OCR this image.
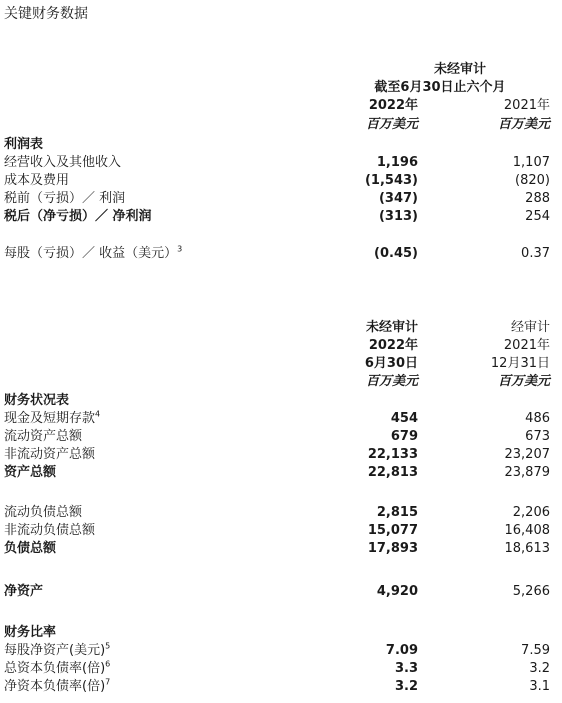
关键财务数据
未经审计
截至6月30日止六个月
2022年	2021年
百万美元	百万美元
利润表
经营收入及其他收入	1,196	1,107
成本及费用	(1,543)	(820)
税前（亏损）／ 利润	(347)	288
税后（净亏损）／ 净利润	(313)	254
每股（亏损）／ 收益（美元）$^3$	(0.45)	0.37
未经审计	经审计
2022年	2021年
6月30日	12月31日
百万美元	百万美元
财务状况表
现金及短期存款$^4$	454	486
流动资产总额	679	673
非流动资产总额	22,133	23,207
资产总额	22,813	23,879
流动负债总额	2,815	2,206
非流动负债总额	15,077	16,408
负债总额	17,893	18,613
净资产	4,920	5,266
财务比率
每股净资产(美元)$^5$	7.09	7.59
总资本负债率(倍)$^6$	3.3	3.2
净资本负债率(倍)$^7$	3.2	3.1
